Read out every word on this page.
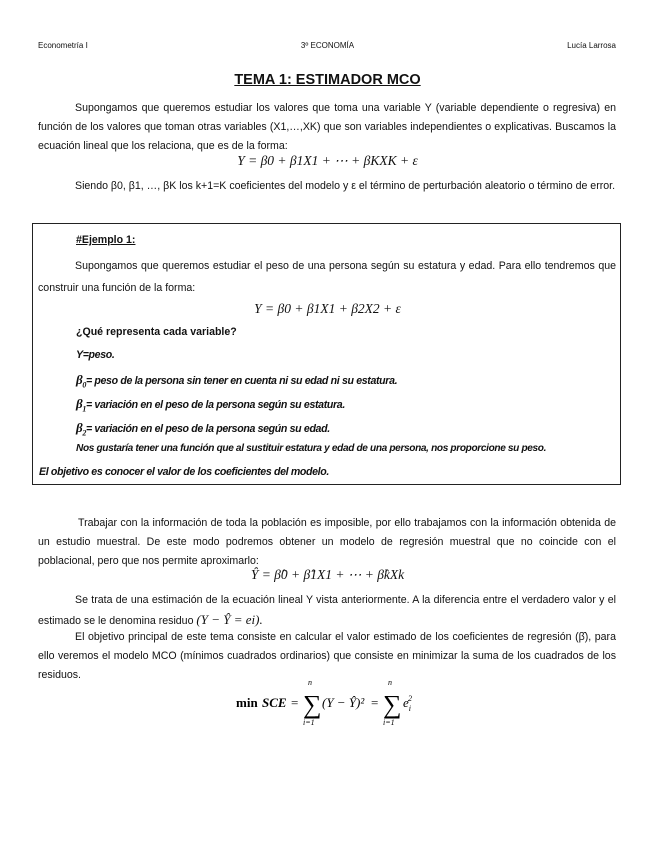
Econometría I	3º ECONOMÍA	Lucía Larrosa
TEMA 1: ESTIMADOR MCO

Supongamos que queremos estudiar los valores que toma una variable Y (variable dependiente o regresiva) en función de los valores que toman otras variables (X1,…,XK) que son variables independientes o explicativas. Buscamos la ecuación lineal que los relaciona, que es de la forma:

Y = β0 + β1X1 + ⋯ + βKXK + ε

Siendo β0, β1, …, βK los k+1=K coeficientes del modelo y ε el término de perturbación aleatorio o término de error.

#Ejemplo 1:

Supongamos que queremos estudiar el peso de una persona según su estatura y edad. Para ello tendremos que construir una función de la forma:

Y = β0 + β1X1 + β2X2 + ε
¿Qué representa cada variable?
Y=peso.
$\beta_0=$ peso de la persona sin tener en cuenta ni su edad ni su estatura.
$\beta_1=$ variación en el peso de la persona según su estatura.
$\beta_2=$ variación en el peso de la persona según su edad.
Nos gustaría tener una función que al sustituir estatura y edad de una persona, nos proporcione su peso.
El objetivo es conocer el valor de los coeficientes del modelo.

Trabajar con la información de toda la población es imposible, por ello trabajamos con la información obtenida de un estudio muestral. De este modo podremos obtener un modelo de regresión muestral que no coincide con el poblacional, pero que nos permite aproximarlo:

Ŷ = β̂0 + β̂1X1 + ⋯ + β̂kXk

Se trata de una estimación de la ecuación lineal Y vista anteriormente. A la diferencia entre el verdadero valor y el estimado se le denomina residuo (Y − Ŷ = ei).

El objetivo principal de este tema consiste en calcular el valor estimado de los coeficientes de regresión (β̂), para ello veremos el modelo MCO (mínimos cuadrados ordinarios) que consiste en minimizar la suma de los cuadrados de los residuos.

min SCE = ∑
n
i=1
(Y − Ŷ)² = ∑
n
i=1
$e_i2$
